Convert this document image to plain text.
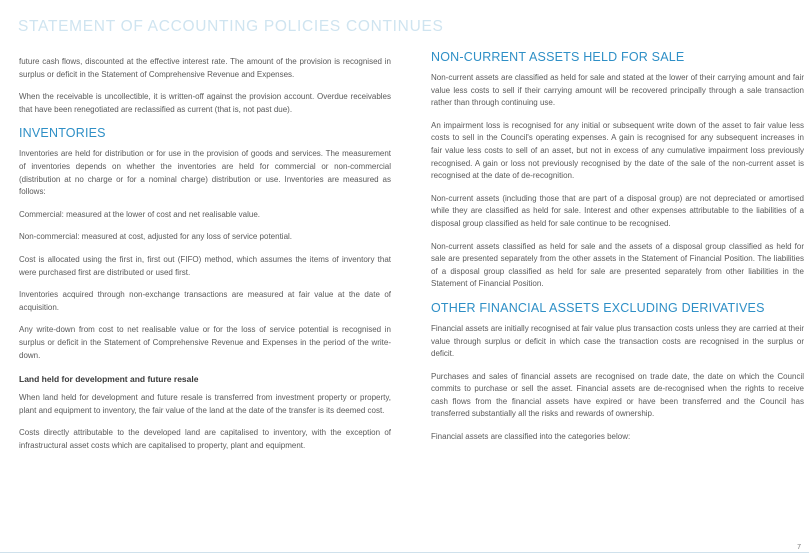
STATEMENT OF ACCOUNTING POLICIES CONTINUES

future cash flows, discounted at the effective interest rate. The amount of the provision is recognised in surplus or deficit in the Statement of Comprehensive Revenue and Expenses.

When the receivable is uncollectible, it is written-off against the provision account. Overdue receivables that have been renegotiated are reclassified as current (that is, not past due).

INVENTORIES

Inventories are held for distribution or for use in the provision of goods and services. The measurement of inventories depends on whether the inventories are held for commercial or non-commercial (distribution at no charge or for a nominal charge) distribution or use. Inventories are measured as follows:

Commercial: measured at the lower of cost and net realisable value.

Non-commercial: measured at cost, adjusted for any loss of service potential.

Cost is allocated using the first in, first out (FIFO) method, which assumes the items of inventory that were purchased first are distributed or used first.

Inventories acquired through non-exchange transactions are measured at fair value at the date of acquisition.

Any write-down from cost to net realisable value or for the loss of service potential is recognised in surplus or deficit in the Statement of Comprehensive Revenue and Expenses in the period of the write-down.

Land held for development and future resale

When land held for development and future resale is transferred from investment property or property, plant and equipment to inventory, the fair value of the land at the date of the transfer is its deemed cost.

Costs directly attributable to the developed land are capitalised to inventory, with the exception of infrastructural asset costs which are capitalised to property, plant and equipment.

NON-CURRENT ASSETS HELD FOR SALE

Non-current assets are classified as held for sale and stated at the lower of their carrying amount and fair value less costs to sell if their carrying amount will be recovered principally through a sale transaction rather than through continuing use.

An impairment loss is recognised for any initial or subsequent write down of the asset to fair value less costs to sell in the Council's operating expenses. A gain is recognised for any subsequent increases in fair value less costs to sell of an asset, but not in excess of any cumulative impairment loss previously recognised. A gain or loss not previously recognised by the date of the sale of the non-current asset is recognised at the date of de-recognition.

Non-current assets (including those that are part of a disposal group) are not depreciated or amortised while they are classified as held for sale. Interest and other expenses attributable to the liabilities of a disposal group classified as held for sale continue to be recognised.

Non-current assets classified as held for sale and the assets of a disposal group classified as held for sale are presented separately from the other assets in the Statement of Financial Position. The liabilities of a disposal group classified as held for sale are presented separately from other liabilities in the Statement of Financial Position.

OTHER FINANCIAL ASSETS EXCLUDING DERIVATIVES

Financial assets are initially recognised at fair value plus transaction costs unless they are carried at their value through surplus or deficit in which case the transaction costs are recognised in the surplus or deficit.

Purchases and sales of financial assets are recognised on trade date, the date on which the Council commits to purchase or sell the asset. Financial assets are de-recognised when the rights to receive cash flows from the financial assets have expired or have been transferred and the Council has transferred substantially all the risks and rewards of ownership.

Financial assets are classified into the categories below:

7
